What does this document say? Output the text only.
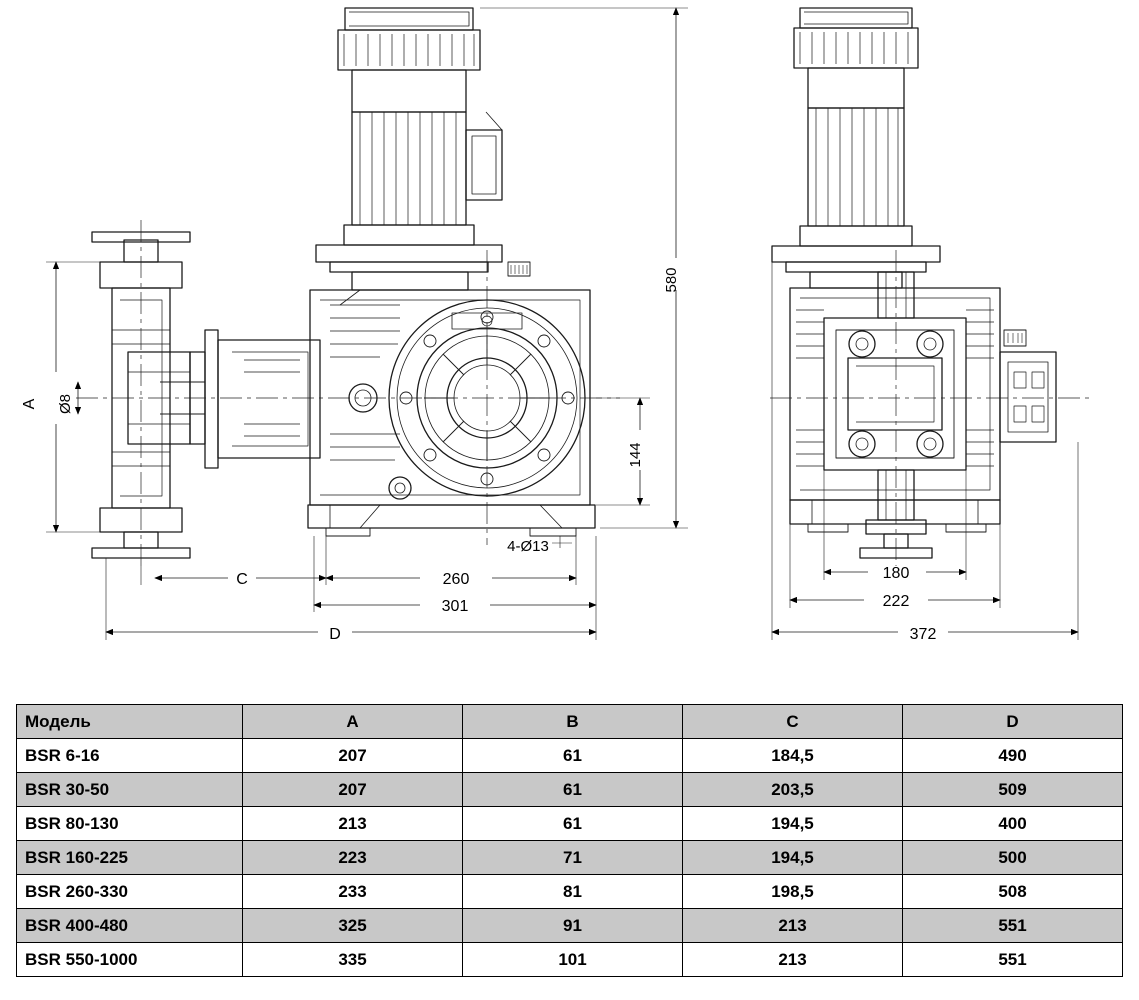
580
144
A Ø8
4-Ø13
260
C
301
D
180
222
372
Модель	A	B	C	D
BSR 6-16	207	61	184,5	490
BSR 30-50	207	61	203,5	509
BSR 80-130	213	61	194,5	400
BSR 160-225	223	71	194,5	500
BSR 260-330	233	81	198,5	508
BSR 400-480	325	91	213	551
BSR 550-1000	335	101	213	551
